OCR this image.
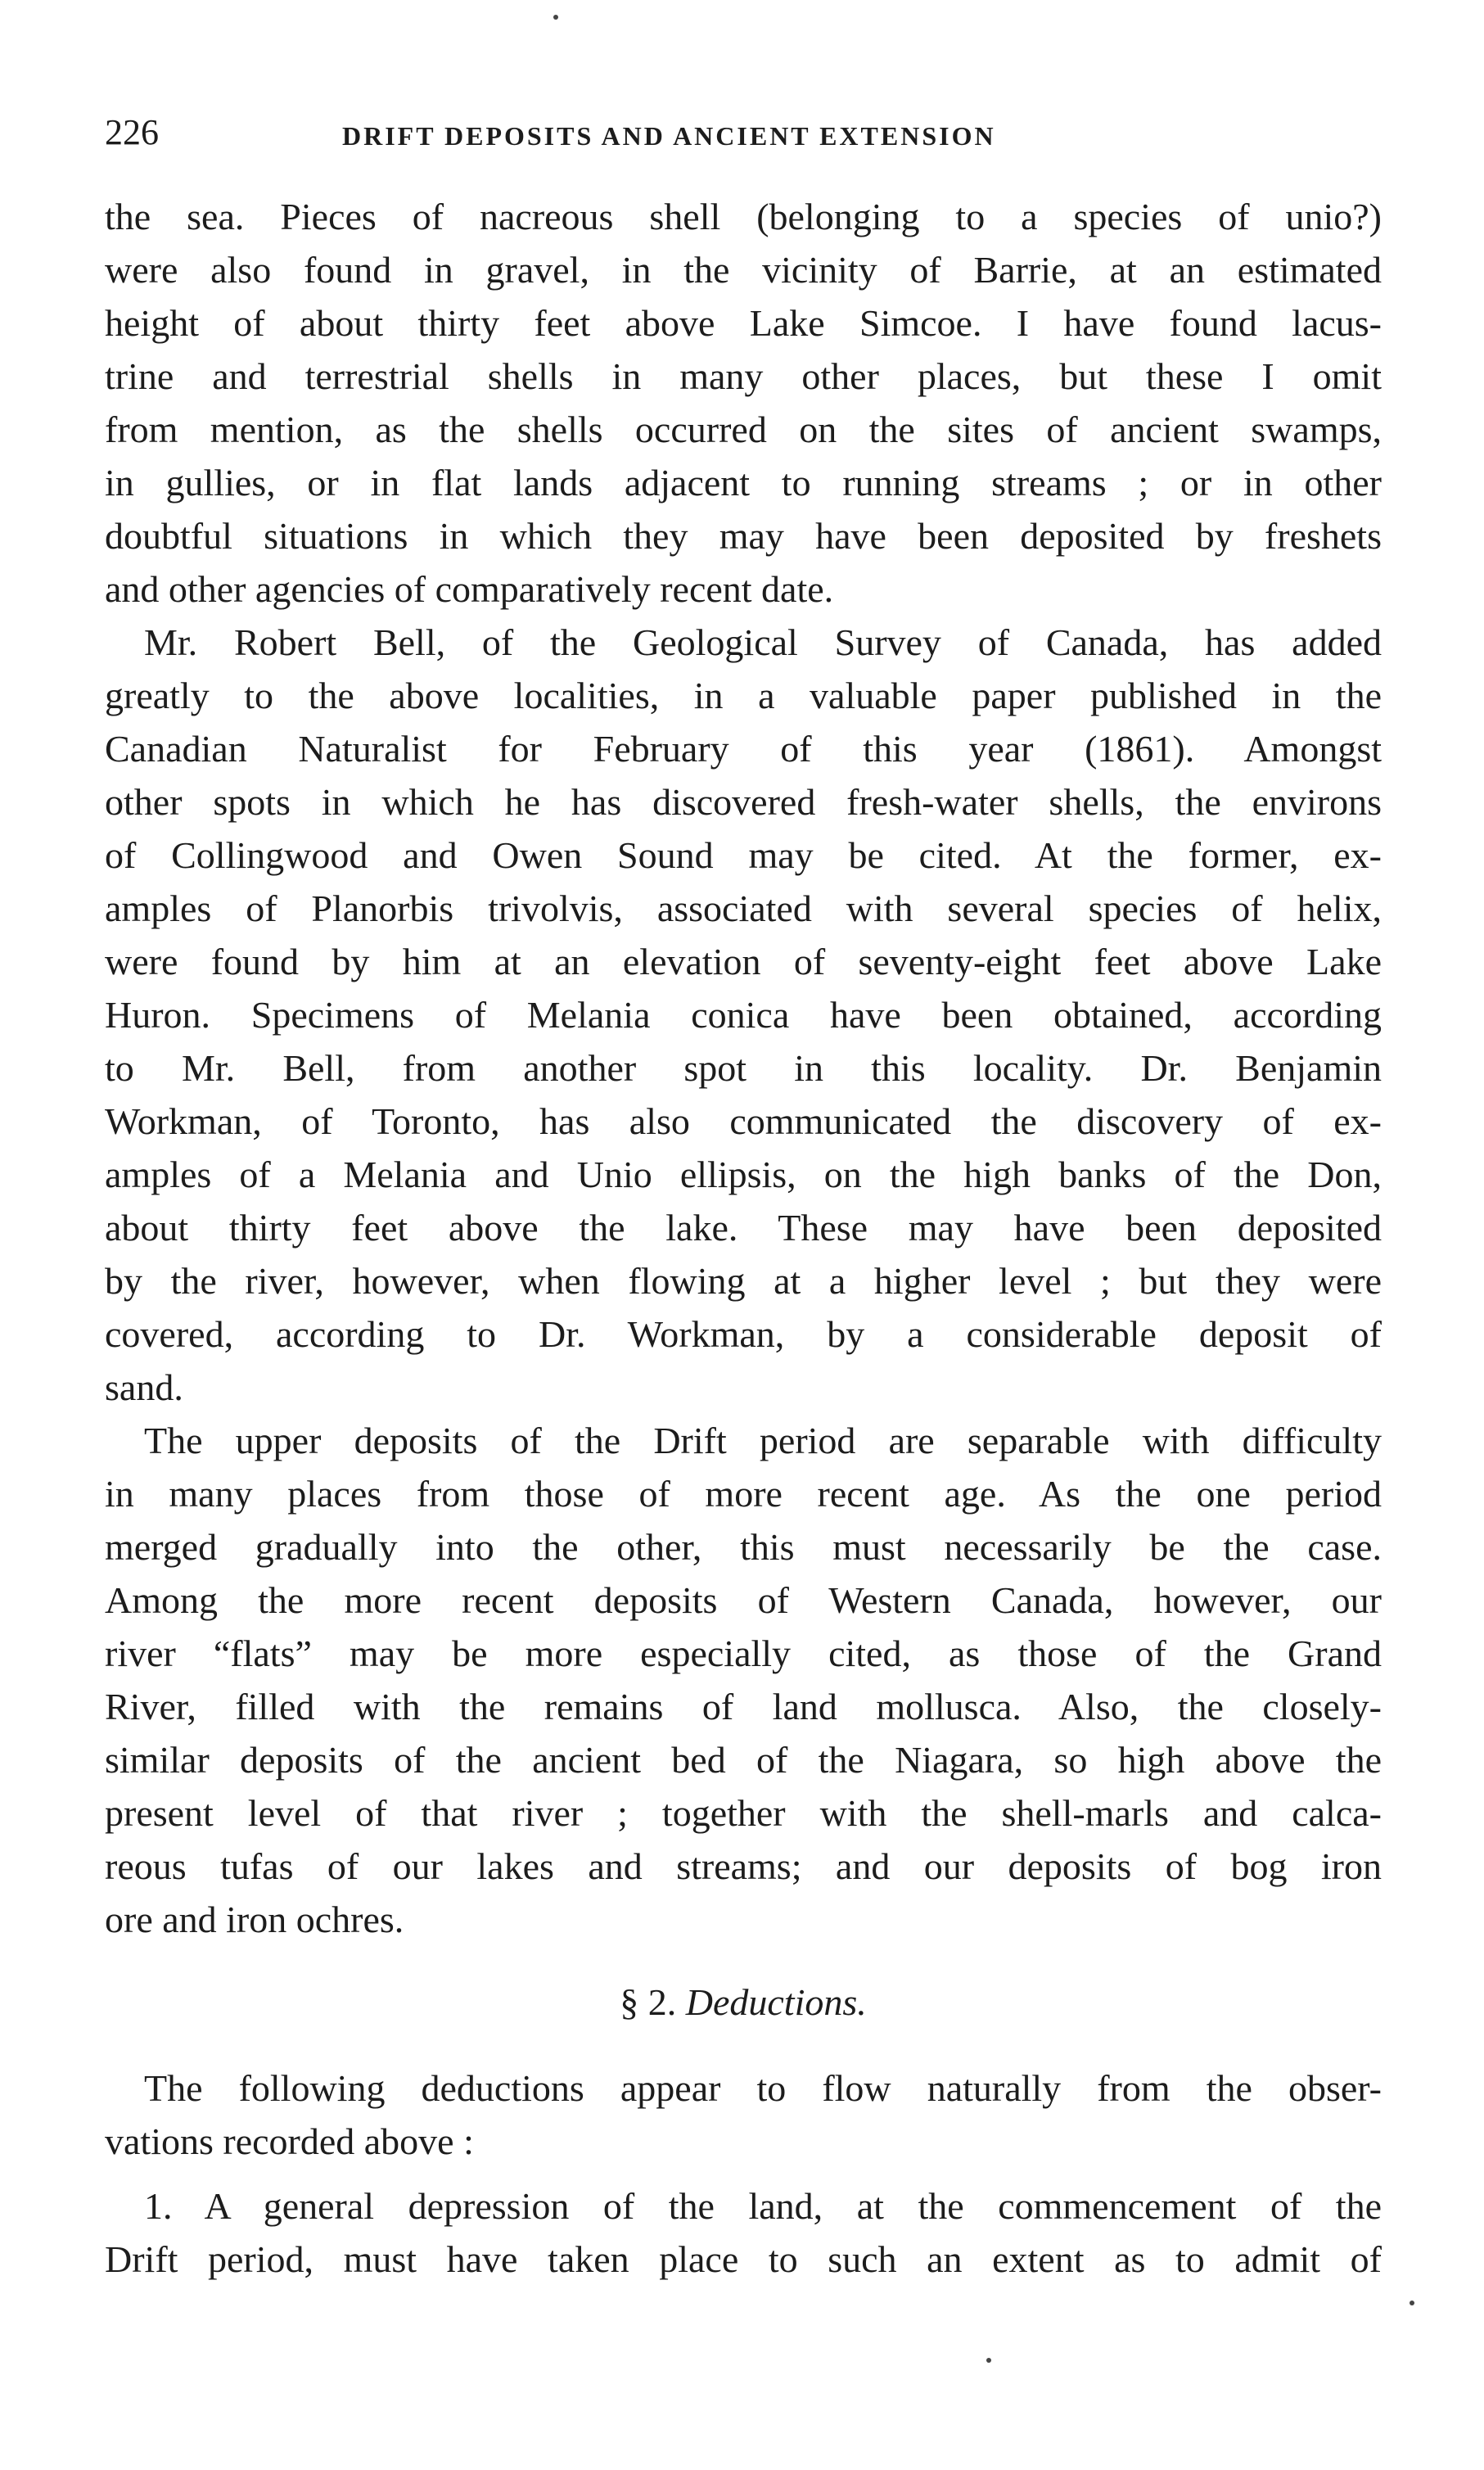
226	DRIFT DEPOSITS AND ANCIENT EXTENSION
the sea. Pieces of nacreous shell (belonging to a species of unio?)
were also found in gravel, in the vicinity of Barrie, at an estimated
height of about thirty feet above Lake Simcoe. I have found lacus-
trine and terrestrial shells in many other places, but these I omit
from mention, as the shells occurred on the sites of ancient swamps,
in gullies, or in flat lands adjacent to running streams ; or in other
doubtful situations in which they may have been deposited by freshets
and other agencies of comparatively recent date.
Mr. Robert Bell, of the Geological Survey of Canada, has added
greatly to the above localities, in a valuable paper published in the
Canadian Naturalist for February of this year (1861). Amongst
other spots in which he has discovered fresh-water shells, the environs
of Collingwood and Owen Sound may be cited. At the former, ex-
amples of Planorbis trivolvis, associated with several species of helix,
were found by him at an elevation of seventy-eight feet above Lake
Huron. Specimens of Melania conica have been obtained, according
to Mr. Bell, from another spot in this locality. Dr. Benjamin
Workman, of Toronto, has also communicated the discovery of ex-
amples of a Melania and Unio ellipsis, on the high banks of the Don,
about thirty feet above the lake. These may have been deposited
by the river, however, when flowing at a higher level ; but they were
covered, according to Dr. Workman, by a considerable deposit of
sand.
The upper deposits of the Drift period are separable with difficulty
in many places from those of more recent age. As the one period
merged gradually into the other, this must necessarily be the case.
Among the more recent deposits of Western Canada, however, our
river “flats” may be more especially cited, as those of the Grand
River, filled with the remains of land mollusca. Also, the closely-
similar deposits of the ancient bed of the Niagara, so high above the
present level of that river ; together with the shell-marls and calca-
reous tufas of our lakes and streams; and our deposits of bog iron
ore and iron ochres.
§ 2. Deductions.
The following deductions appear to flow naturally from the obser-
vations recorded above :
1. A general depression of the land, at the commencement of the
Drift period, must have taken place to such an extent as to admit of
